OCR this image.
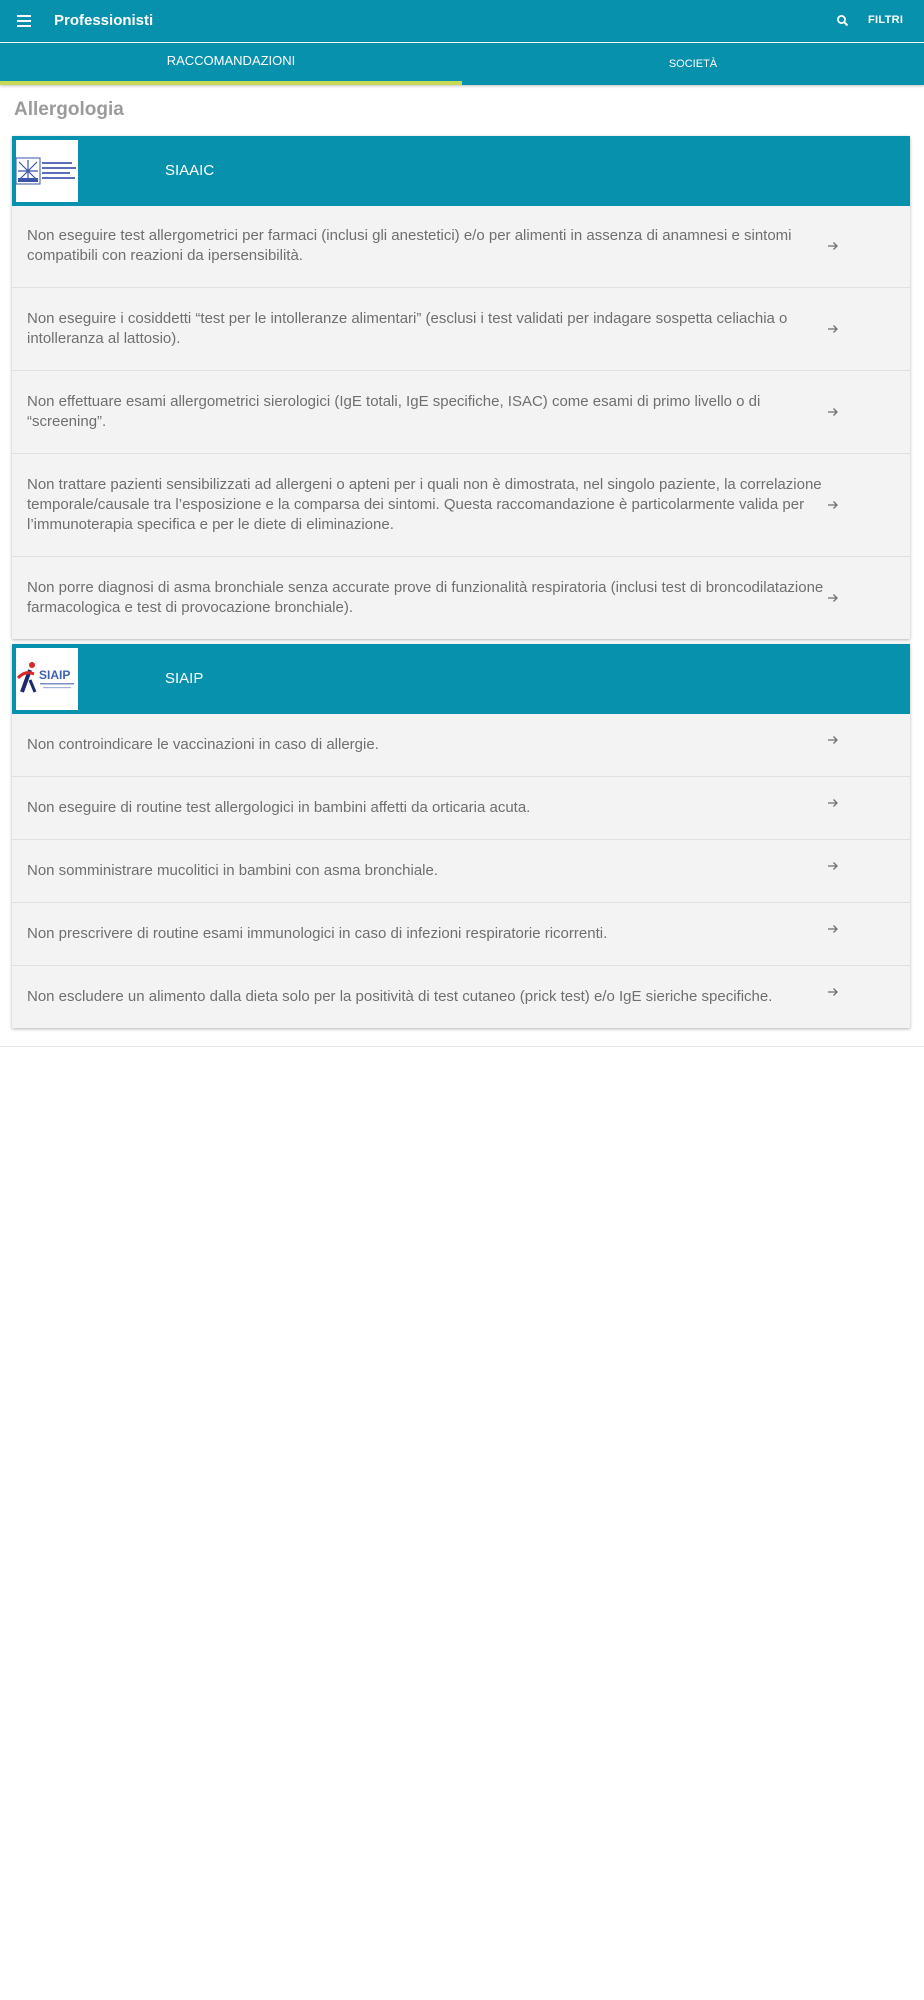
Professionisti	FILTRI
RACCOMANDAZIONI	SOCIETÀ
Allergologia
SIAAIC
Non eseguire test allergometrici per farmaci (inclusi gli anestetici) e/o per alimenti in assenza di anamnesi e sintomi compatibili con reazioni da ipersensibilità.
Non eseguire i cosiddetti “test per le intolleranze alimentari” (esclusi i test validati per indagare sospetta celiachia o intolleranza al lattosio).
Non effettuare esami allergometrici sierologici (IgE totali, IgE specifiche, ISAC) come esami di primo livello o di “screening”.
Non trattare pazienti sensibilizzati ad allergeni o apteni per i quali non è dimostrata, nel singolo paziente, la correlazione temporale/causale tra l’esposizione e la comparsa dei sintomi. Questa raccomandazione è particolarmente valida per l’immunoterapia specifica e per le diete di eliminazione.
Non porre diagnosi di asma bronchiale senza accurate prove di funzionalità respiratoria (inclusi test di broncodilatazione farmacologica e test di provocazione bronchiale).
SIAIP	SIAIP
Non controindicare le vaccinazioni in caso di allergie.
Non eseguire di routine test allergologici in bambini affetti da orticaria acuta.
Non somministrare mucolitici in bambini con asma bronchiale.
Non prescrivere di routine esami immunologici in caso di infezioni respiratorie ricorrenti.
Non escludere un alimento dalla dieta solo per la positività di test cutaneo (prick test) e/o IgE sieriche specifiche.
